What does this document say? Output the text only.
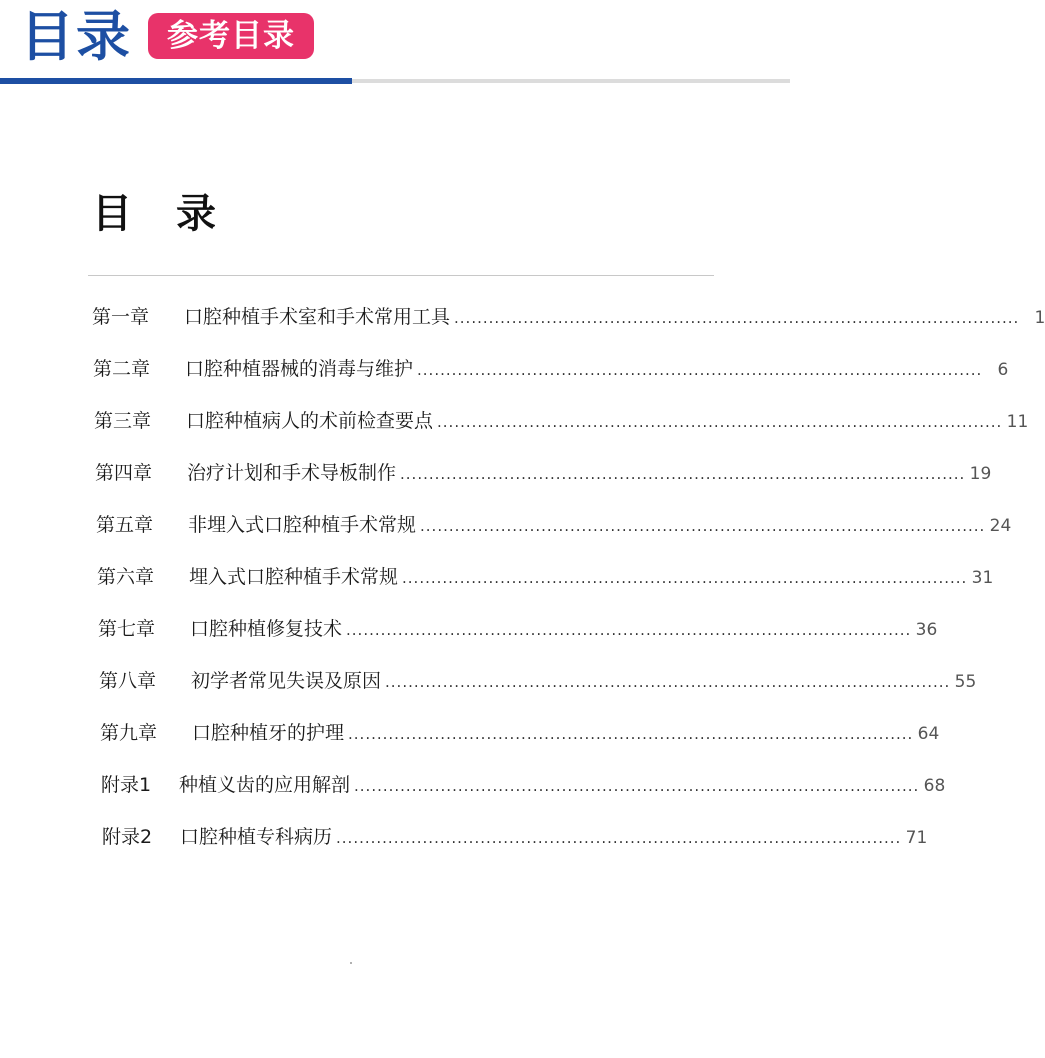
目录	参考目录
目录
第一章	口腔种植手术室和手术常用工具 .................................................................................................. 1
第二章	口腔种植器械的消毒与维护 .................................................................................................. 6
第三章	口腔种植病人的术前检查要点 .................................................................................................. 11
第四章	治疗计划和手术导板制作 .................................................................................................. 19
第五章	非埋入式口腔种植手术常规 .................................................................................................. 24
第六章	埋入式口腔种植手术常规 .................................................................................................. 31
第七章	口腔种植修复技术 .................................................................................................. 36
第八章	初学者常见失误及原因 .................................................................................................. 55
第九章	口腔种植牙的护理 .................................................................................................. 64
附录1	种植义齿的应用解剖 .................................................................................................. 68
附录2	口腔种植专科病历 .................................................................................................. 71
